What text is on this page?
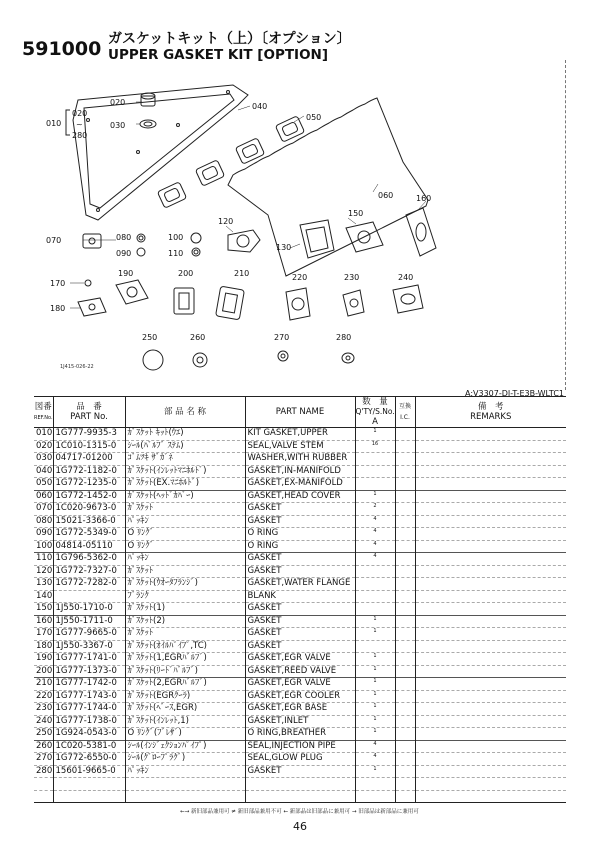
591000 ガスケットキット（上）〔オプション〕
UPPER GASKET KIT [OPTION]
010
020
~
280
020
030
040
050
060
070	080
090
100
110
120
130
150
160
170
180
190	200	210	220	230	240
250	260	270	280
1J415-026-22
A:V3307-DI-T-E3B-WLTC1
図番
REF.No.	品　番
PART No.	部 品 名 称	PART NAME	数　量
Q'TY/S.No.
A	互換
I.C.	備　考
REMARKS
010	1G777-9935-3	ｶﾞｽｹｯﾄ ｷｯﾄ(ｳｴ)	KIT GASKET,UPPER	1		
020	1C010-1315-0	ｼｰﾙ(ﾊﾞﾙﾌﾞ ｽﾃﾑ)	SEAL,VALVE STEM	16		
030	04717-01200	ｺﾞﾑﾂｷ ｻﾞｶﾞﾈ	WASHER,WITH RUBBER			
040	1G772-1182-0	ｶﾞｽｹｯﾄ(ｲﾝﾚｯﾄﾏﾆﾎﾙﾄﾞ)	GASKET,IN-MANIFOLD			
050	1G772-1235-0	ｶﾞｽｹｯﾄ(EX.ﾏﾆﾎﾙﾄﾞ)	GASKET,EX-MANIFOLD			
060	1G772-1452-0	ｶﾞｽｹｯﾄ(ﾍｯﾄﾞｶﾊﾞｰ)	GASKET,HEAD COVER	1		
070	1C020-9673-0	ｶﾞｽｹｯﾄ	GASKET	2		
080	15021-3366-0	ﾊﾟｯｷﾝ	GASKET	4		
090	1G772-5349-0	O ﾘﾝｸﾞ	O RING	4		
100	04814-05110	O ﾘﾝｸﾞ	O RING	4		
110	1G796-5362-0	ﾊﾟｯｷﾝ	GASKET	4		
120	1G772-7327-0	ｶﾞｽｹｯﾄ	GASKET			
130	1G772-7282-0	ｶﾞｽｹｯﾄ(ｳｵｰﾀﾌﾗﾝｼﾞ)	GASKET,WATER FLANGE			
140		ﾌﾞﾗﾝｸ	BLANK			
150	1J550-1710-0	ｶﾞｽｹｯﾄ(1)	GASKET			
160	1J550-1711-0	ｶﾞｽｹｯﾄ(2)	GASKET	1		
170	1G777-9665-0	ｶﾞｽｹｯﾄ	GASKET	1		
180	1J550-3367-0	ｶﾞｽｹｯﾄ(ｵｲﾙﾊﾟｲﾌﾟ,TC)	GASKET			
190	1G777-1741-0	ｶﾞｽｹｯﾄ(1,EGRﾊﾞﾙﾌﾞ)	GASKET,EGR VALVE	1		
200	1G777-1373-0	ｶﾞｽｹｯﾄ(ﾘｰﾄﾞﾊﾞﾙﾌﾞ)	GASKET,REED VALVE	1		
210	1G777-1742-0	ｶﾞｽｹｯﾄ(2,EGRﾊﾞﾙﾌﾞ)	GASKET,EGR VALVE	1		
220	1G777-1743-0	ｶﾞｽｹｯﾄ(EGRｸｰﾗ)	GASKET,EGR COOLER	1		
230	1G777-1744-0	ｶﾞｽｹｯﾄ(ﾍﾞｰｽ,EGR)	GASKET,EGR BASE	1		
240	1G777-1738-0	ｶﾞｽｹｯﾄ(ｲﾝﾚｯﾄ,1)	GASKET,INLET	1		
250	1G924-0543-0	O ﾘﾝｸﾞ(ﾌﾞﾚｻﾞ)	O RING,BREATHER	1		
260	1C020-5381-0	ｼｰﾙ(ｲﾝｼﾞｪｸｼｮﾝﾊﾟｲﾌﾟ)	SEAL,INJECTION PIPE	4		
270	1G772-6550-0	ｼｰﾙ(ｸﾞﾛｰﾌﾟﾗｸﾞ)	SEAL,GLOW PLUG	4		
280	15601-9665-0	ﾊﾟｯｷﾝ	GASKET	1		

←→ 新旧部品兼用可 ≠ 新旧部品兼用不可 ← 新部品は旧部品に兼用可 → 旧部品は新部品に兼用可
46
